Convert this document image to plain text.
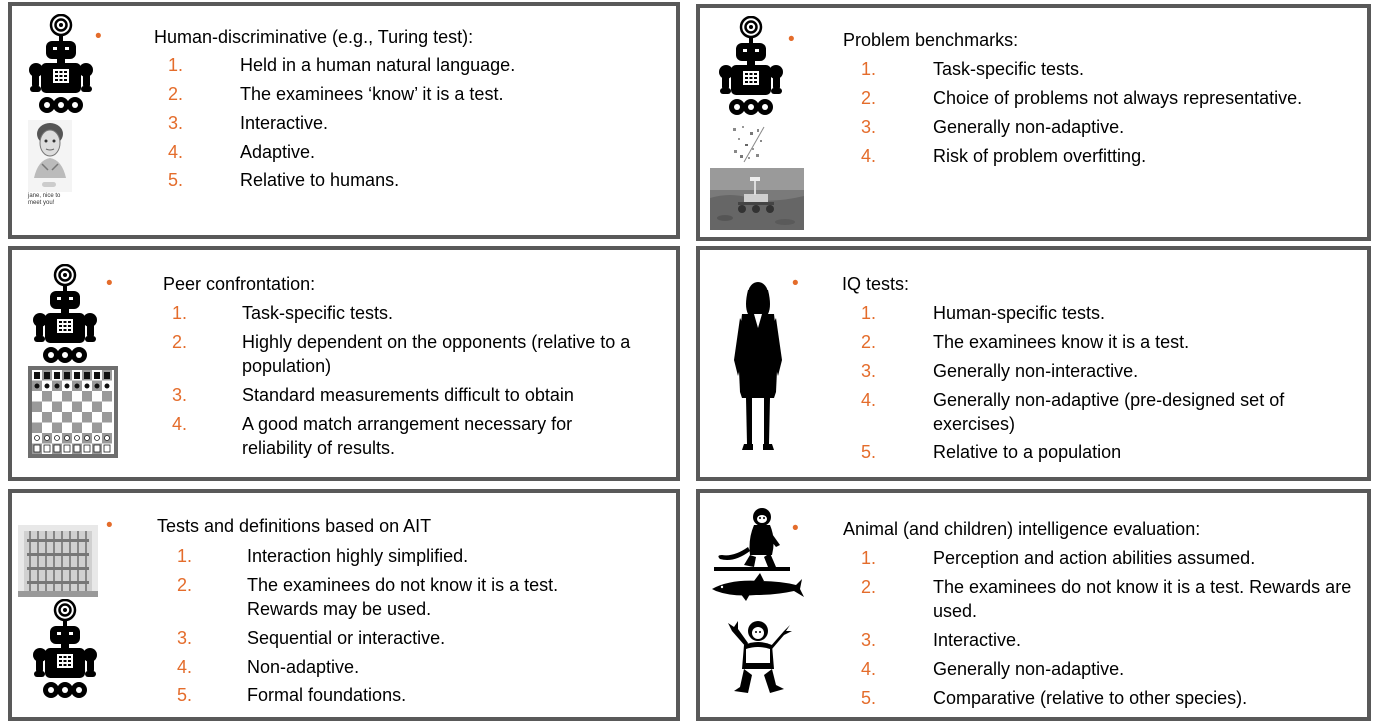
jane, nice to meet you!
•	Human-discriminative (e.g., Turing test):
1.	Held in a human natural language.
2.	The examinees ‘know’ it is a test.
3.	Interactive.
4.	Adaptive.
5.	Relative to humans.
•	Problem benchmarks:
1.	Task-specific tests.
2.	Choice of problems not always representative.
3.	Generally non-adaptive.
4.	Risk of problem overfitting.
•	Peer confrontation:
1.	Task-specific tests.
2.	Highly dependent on the opponents (relative to a population)
3.	Standard measurements difficult to obtain
4.	A good match arrangement necessary for reliability of results.
• IQ tests:
1.	Human-specific tests.
2.	The examinees know it is a test.
3.	Generally non-interactive.
4.	Generally non-adaptive (pre-designed set of exercises)
5.	Relative to a population
• Tests and definitions based on AIT
1.	Interaction highly simplified.
2.	The examinees do not know it is a test. Rewards may be used.
3.	Sequential or interactive.
4.	Non-adaptive.
5.	Formal foundations.
• Animal (and children) intelligence evaluation:
1.	Perception and action abilities assumed.
2.	The examinees do not know it is a test. Rewards are used.
3.	Interactive.
4.	Generally non-adaptive.
5.	Comparative (relative to other species).
